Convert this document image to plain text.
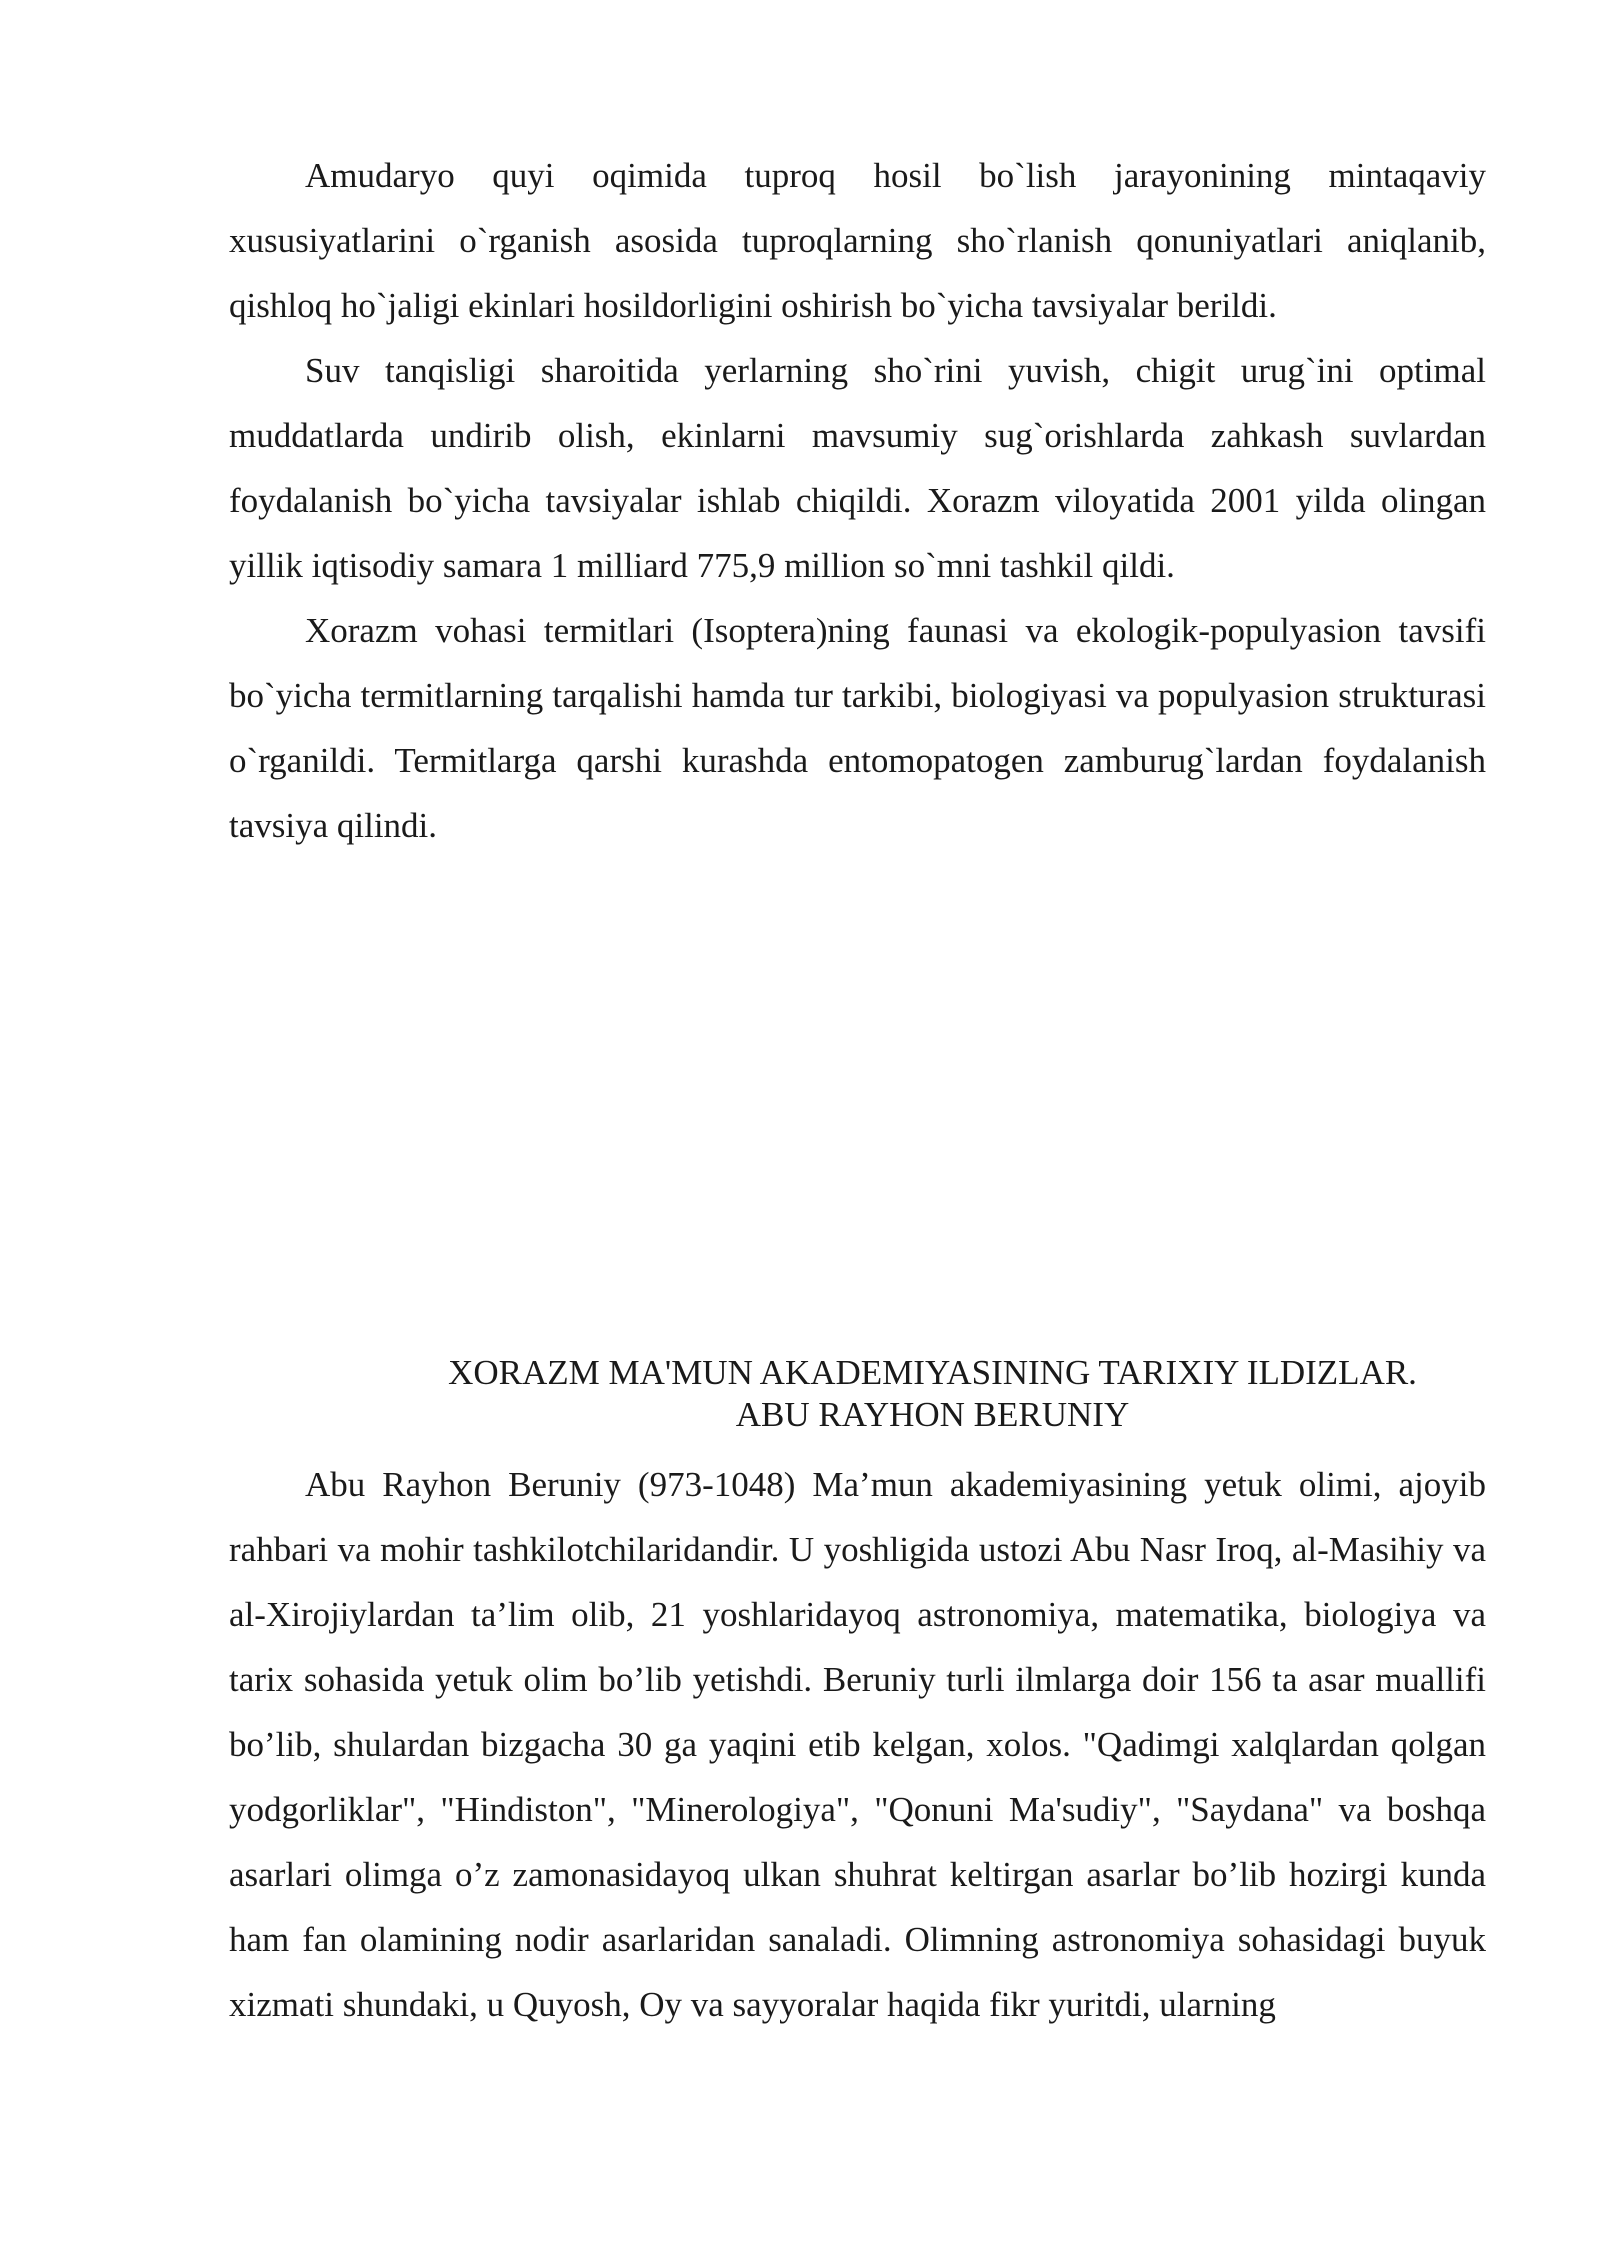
Amudaryo quyi oqimida tuproq hosil bo`lish jarayonining mintaqaviy xususiyatlarini o`rganish asosida tuproqlarning sho`rlanish qonuniyatlari aniqlanib, qishloq ho`jaligi ekinlari hosildorligini oshirish bo`yicha tavsiyalar berildi.

Suv tanqisligi sharoitida yerlarning sho`rini yuvish, chigit urug`ini optimal muddatlarda undirib olish, ekinlarni mavsumiy sug`orishlarda zahkash suvlardan foydalanish bo`yicha tavsiyalar ishlab chiqildi. Xorazm viloyatida 2001 yilda olingan yillik iqtisodiy samara 1 milliard 775,9 million so`mni tashkil qildi.

Xorazm vohasi termitlari (Isoptera)ning faunasi va ekologik-populyasion tavsifi bo`yicha termitlarning tarqalishi hamda tur tarkibi, biologiyasi va populyasion strukturasi o`rganildi. Termitlarga qarshi kurashda entomopatogen zamburug`lardan foydalanish tavsiya qilindi.

XORAZM MA'MUN AKADEMIYASINING TARIXIY ILDIZLAR.
ABU RAYHON BERUNIY

Abu Rayhon Beruniy (973-1048) Ma’mun akademiyasining yetuk olimi, ajoyib rahbari va mohir tashkilotchilaridandir. U yoshligida ustozi Abu Nasr Iroq, al-Masihiy va al-Xirojiylardan ta’lim olib, 21 yoshlaridayoq astronomiya, matematika, biologiya va tarix sohasida yetuk olim bo’lib yetishdi. Beruniy turli ilmlarga doir 156 ta asar muallifi bo’lib, shulardan bizgacha 30 ga yaqini etib kelgan, xolos. "Qadimgi xalqlardan qolgan yodgorliklar", "Hindiston", "Minerologiya", "Qonuni Ma'sudiy", "Saydana" va boshqa asarlari olimga o’z zamonasidayoq ulkan shuhrat keltirgan asarlar bo’lib hozirgi kunda ham fan olamining nodir asarlaridan sanaladi. Olimning astronomiya sohasidagi buyuk xizmati shundaki, u Quyosh, Oy va sayyoralar haqida fikr yuritdi, ularning
